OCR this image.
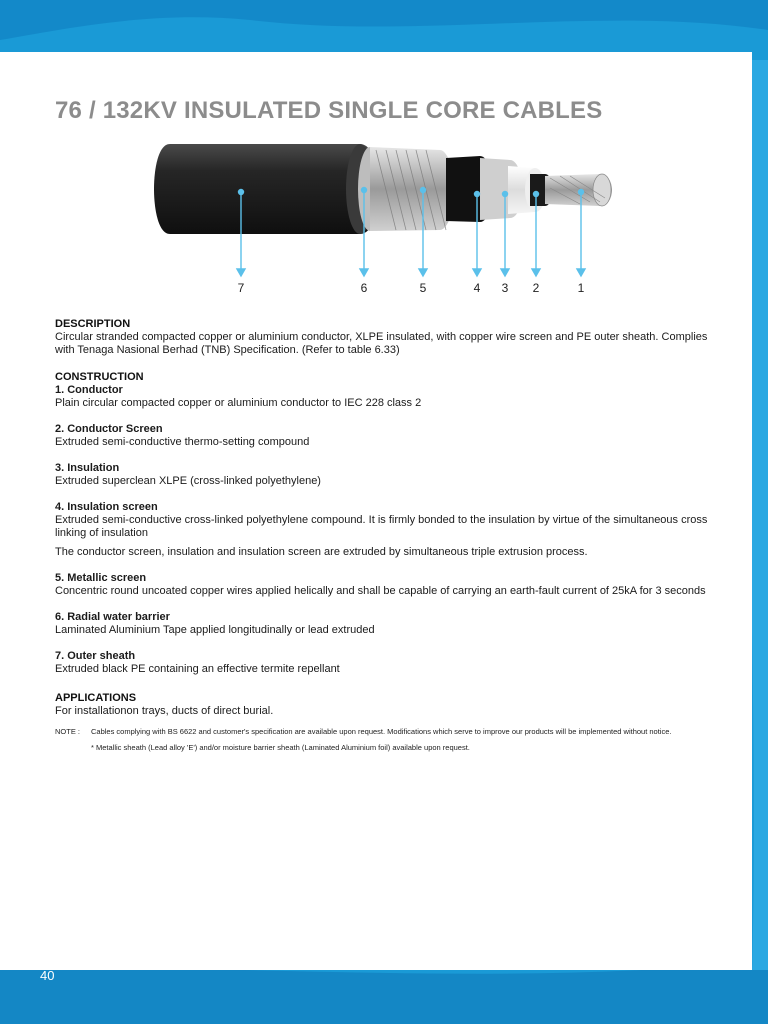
76 / 132KV INSULATED SINGLE CORE CABLES
7	6	5	4	3	2	1
DESCRIPTION

Circular stranded compacted copper or aluminium conductor, XLPE insulated, with copper wire screen and PE outer sheath. Complies with Tenaga Nasional Berhad (TNB) Specification. (Refer to table 6.33)

CONSTRUCTION

1. Conductor

Plain circular compacted copper or aluminium conductor to IEC 228 class 2

2. Conductor Screen

Extruded semi-conductive thermo-setting compound

3. Insulation

Extruded superclean XLPE (cross-linked polyethylene)

4. Insulation screen

Extruded semi-conductive cross-linked polyethylene compound. It is firmly bonded to the insulation by virtue of the simultaneous cross linking of insulation

The conductor screen, insulation and insulation screen are extruded by simultaneous triple extrusion process.

5. Metallic screen

Concentric round uncoated copper wires applied helically and shall be capable of carrying an earth-fault current of 25kA for 3 seconds

6. Radial water barrier

Laminated Aluminium Tape applied longitudinally or lead extruded

7. Outer sheath

Extruded black PE containing an effective termite repellant

APPLICATIONS

For installationon trays, ducts of direct burial.

NOTE :	Cables complying with BS 6622 and customer's specification are available upon request. Modifications which serve to improve our products will be implemented without notice.

* Metallic sheath (Lead alloy 'E') and/or moisture barrier sheath (Laminated Aluminium foil) available upon request.

40
